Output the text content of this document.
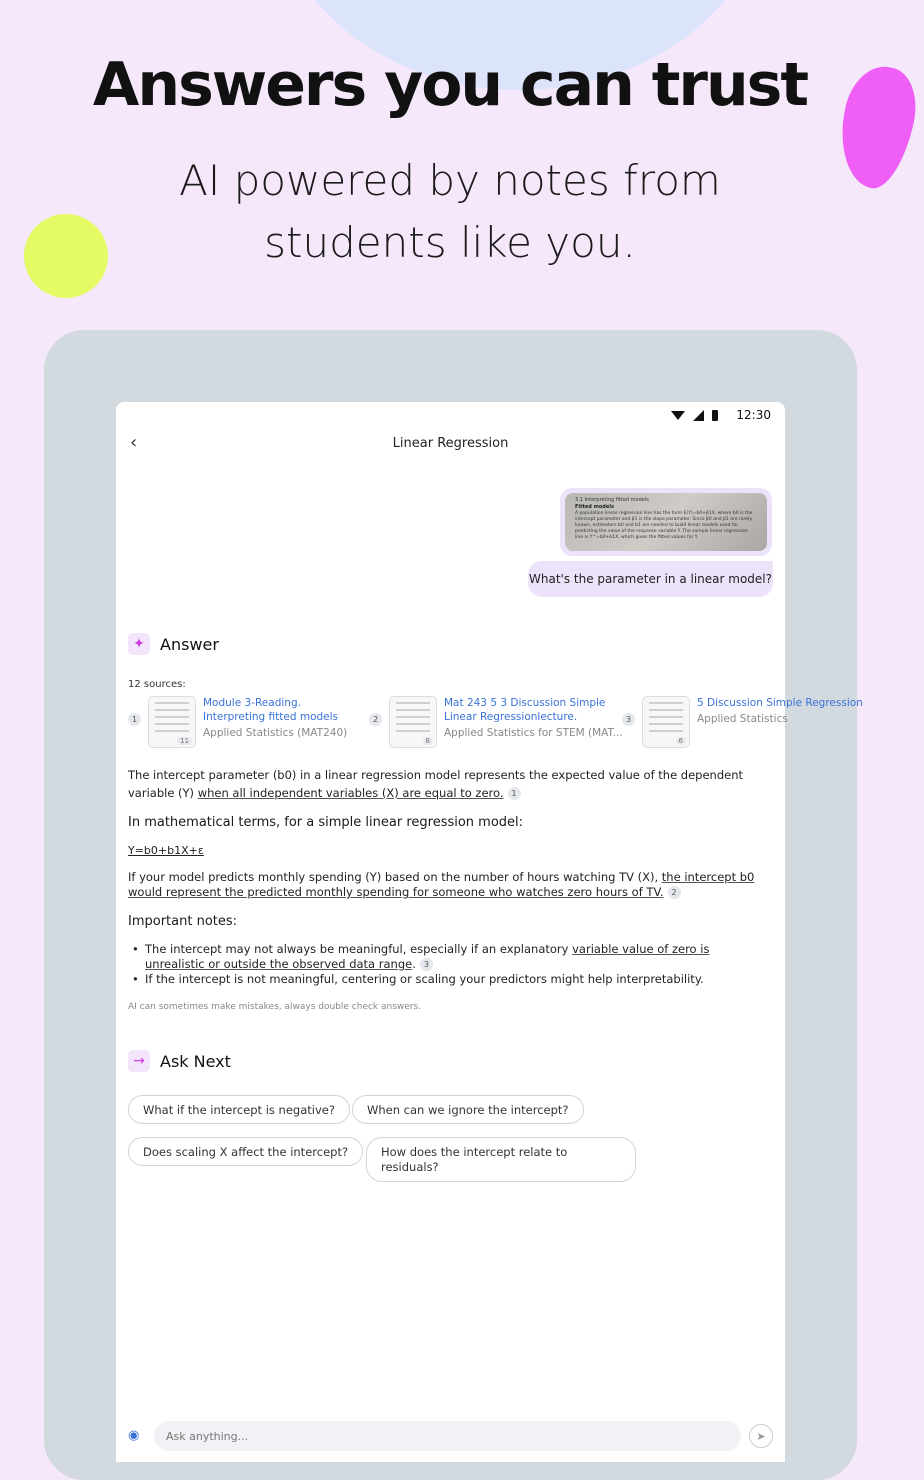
Answers you can trust
AI powered by notes from students like you.
12:30
‹	Linear Regression
3.1 Interpreting fitted models
Fitted models
A population linear regression line has the form E(Y)=b0+β1X, where b0 is the intercept parameter and β1 is the slope parameter. Since β0 and β1 are rarely known, estimators b0 and b1 are needed to build linear models used for predicting the value of the response variable Y. The sample linear regression line is Y^=b0+b1X, which gives the fitted values for Y.
What's the parameter in a linear model?
✦ Answer
12 sources:
1
11
Module 3-Reading. Interpreting fitted models
Applied Statistics (MAT240)
2
8
Mat 243 5 3 Discussion Simple Linear Regressionlecture.
Applied Statistics for STEM (MAT...
3
6
5 Discussion Simple Regression
Applied Statistics
The intercept parameter (b0) in a linear regression model represents the expected value of the dependent variable (Y) when all independent variables (X) are equal to zero. 1
In mathematical terms, for a simple linear regression model:
Y=b0+b1X+ε
If your model predicts monthly spending (Y) based on the number of hours watching TV (X), the intercept b0 would represent the predicted monthly spending for someone who watches zero hours of TV. 2
Important notes:
• The intercept may not always be meaningful, especially if an explanatory variable value of zero is unrealistic or outside the observed data range. 3
• If the intercept is not meaningful, centering or scaling your predictors might help interpretability.
AI can sometimes make mistakes, always double check answers.
→ Ask Next
What if the intercept is negative?	When can we ignore the intercept?
Does scaling X affect the intercept?	How does the intercept relate to residuals?
◉	Ask anything...	➤
